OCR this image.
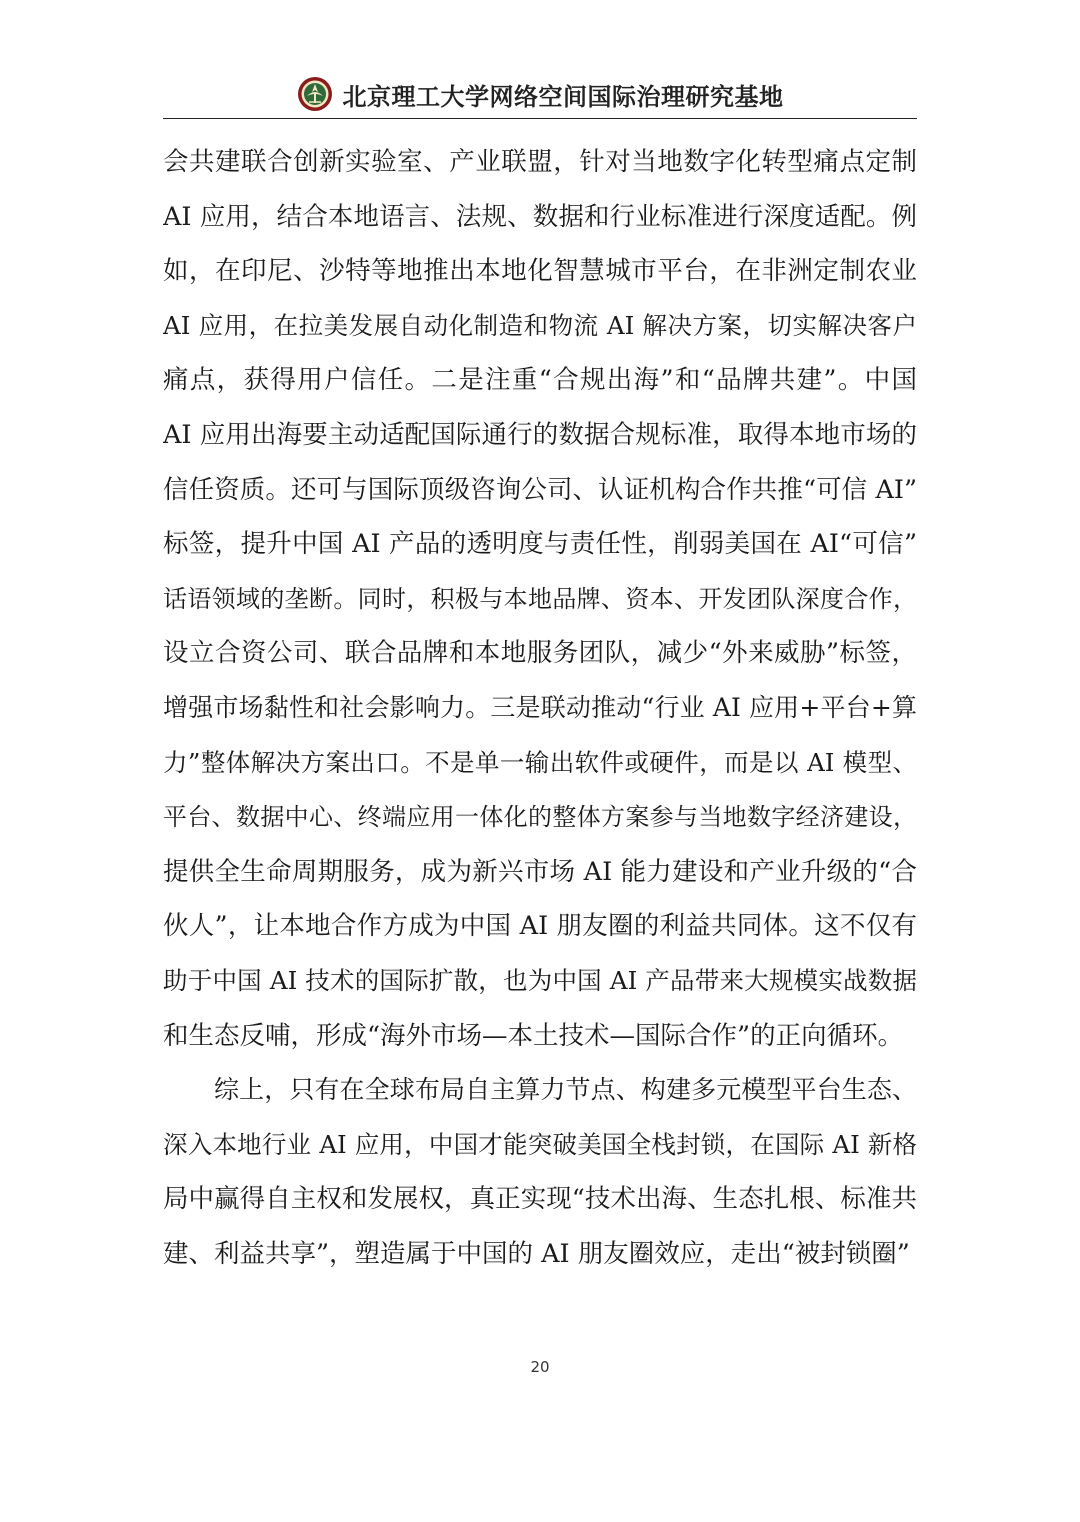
北京理工大学网络空间国际治理研究基地
会共建联合创新实验室、产业联盟，针对当地数字化转型痛点定制
AI 应用，结合本地语言、法规、数据和行业标准进行深度适配。例
如，在印尼、沙特等地推出本地化智慧城市平台，在非洲定制农业
AI 应用，在拉美发展自动化制造和物流 AI 解决方案，切实解决客户
痛点，获得用户信任。二是注重“合规出海”和“品牌共建”。中国
AI 应用出海要主动适配国际通行的数据合规标准，取得本地市场的
信任资质。还可与国际顶级咨询公司、认证机构合作共推“可信 AI”
标签，提升中国 AI 产品的透明度与责任性，削弱美国在 AI“可信”
话语领域的垄断。同时，积极与本地品牌、资本、开发团队深度合作，
设立合资公司、联合品牌和本地服务团队，减少“外来威胁”标签，
增强市场黏性和社会影响力。三是联动推动“行业 AI 应用+平台+算
力”整体解决方案出口。不是单一输出软件或硬件，而是以 AI 模型、
平台、数据中心、终端应用一体化的整体方案参与当地数字经济建设，
提供全生命周期服务，成为新兴市场 AI 能力建设和产业升级的“合
伙人”，让本地合作方成为中国 AI 朋友圈的利益共同体。这不仅有
助于中国 AI 技术的国际扩散，也为中国 AI 产品带来大规模实战数据
和生态反哺，形成“海外市场—本土技术—国际合作”的正向循环。
综上，只有在全球布局自主算力节点、构建多元模型平台生态、
深入本地行业 AI 应用，中国才能突破美国全栈封锁，在国际 AI 新格
局中赢得自主权和发展权，真正实现“技术出海、生态扎根、标准共
建、利益共享”，塑造属于中国的 AI 朋友圈效应，走出“被封锁圈”
20
